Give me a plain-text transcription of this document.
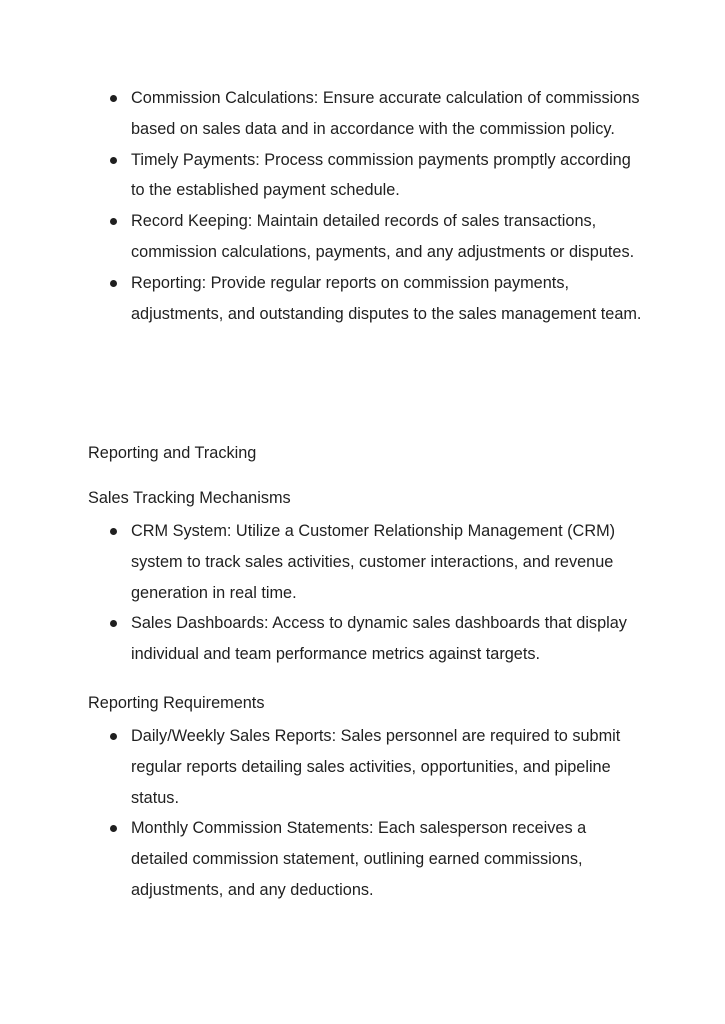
Commission Calculations: Ensure accurate calculation of commissions based on sales data and in accordance with the commission policy.
Timely Payments: Process commission payments promptly according to the established payment schedule.
Record Keeping: Maintain detailed records of sales transactions, commission calculations, payments, and any adjustments or disputes.
Reporting: Provide regular reports on commission payments, adjustments, and outstanding disputes to the sales management team.
Reporting and Tracking
Sales Tracking Mechanisms
CRM System: Utilize a Customer Relationship Management (CRM) system to track sales activities, customer interactions, and revenue generation in real time.
Sales Dashboards: Access to dynamic sales dashboards that display individual and team performance metrics against targets.
Reporting Requirements
Daily/Weekly Sales Reports: Sales personnel are required to submit regular reports detailing sales activities, opportunities, and pipeline status.
Monthly Commission Statements: Each salesperson receives a detailed commission statement, outlining earned commissions, adjustments, and any deductions.
